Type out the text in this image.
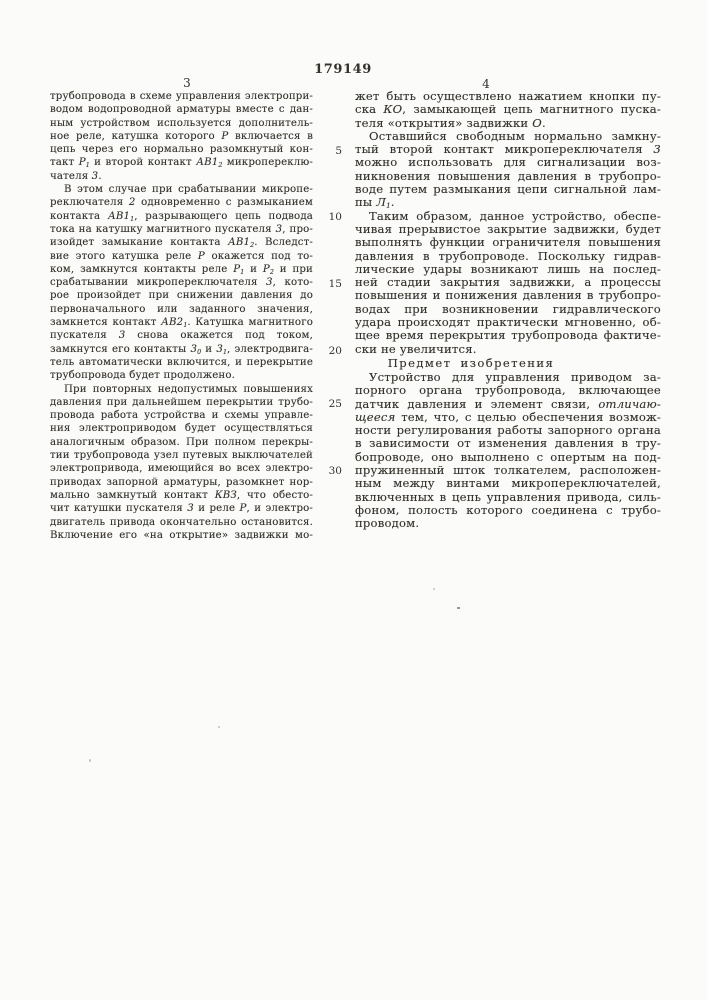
179149
3	4
трубопровода в схеме управления электропри-
водом водопроводной арматуры вместе с дан-
ным устройством используется дополнитель-
ное реле, катушка которого Р включается в
цепь через его нормально разомкнутый кон-
такт $Р_1$ и второй контакт $АВ1_2$ микропереклю-
чателя 3.
В этом случае при срабатывании микропе-
реключателя 2 одновременно с размыканием
контакта $АВ1_1$, разрывающего цепь подвода
тока на катушку магнитного пускателя 3, про-
изойдет замыкание контакта $АВ1_2$. Вследст-
вие этого катушка реле Р окажется под то-
ком, замкнутся контакты реле $Р_1$ и $Р_2$ и при
срабатывании микропереключателя 3, кото-
рое произойдет при снижении давления до
первоначального или заданного значения,
замкнется контакт $АВ2_1$. Катушка магнитного
пускателя 3 снова окажется под током,
замкнутся его контакты $3_0$ и $3_1$, электродвига-
тель автоматически включится, и перекрытие
трубопровода будет продолжено.
При повторных недопустимых повышениях
давления при дальнейшем перекрытии трубо-
провода работа устройства и схемы управле-
ния электроприводом будет осуществляться
аналогичным образом. При полном перекры-
тии трубопровода узел путевых выключателей
электропривода, имеющийся во всех электро-
приводах запорной арматуры, разомкнет нор-
мально замкнутый контакт КВЗ, что обесто-
чит катушки пускателя 3 и реле Р, и электро-
двигатель привода окончательно остановится.
Включение его «на открытие» задвижки мо-
жет быть осуществлено нажатием кнопки пу-
ска КО, замыкающей цепь магнитного пуска-
теля «открытия» задвижки О.
Оставшийся свободным нормально замкну-
тый второй контакт микропереключателя 3
можно использовать для сигнализации воз-
никновения повышения давления в трубопро-
воде путем размыкания цепи сигнальной лам-
пы $Л_1$.
Таким образом, данное устройство, обеспе-
чивая прерывистое закрытие задвижки, будет
выполнять функции ограничителя повышения
давления в трубопроводе. Поскольку гидрав-
лические удары возникают лишь на послед-
ней стадии закрытия задвижки, а процессы
повышения и понижения давления в трубопро-
водах при возникновении гидравлического
удара происходят практически мгновенно, об-
щее время перекрытия трубопровода фактиче-
ски не увеличится.
Предмет изобретения
Устройство для управления приводом за-
порного органа трубопровода, включающее
датчик давления и элемент связи, отличаю-
щееся тем, что, с целью обеспечения возмож-
ности регулирования работы запорного органа
в зависимости от изменения давления в тру-
бопроводе, оно выполнено с опертым на под-
пружиненный шток толкателем, расположен-
ным между винтами микропереключателей,
включенных в цепь управления привода, силь-
фоном, полость которого соединена с трубо-
проводом.
5
10
15
20
25
30
